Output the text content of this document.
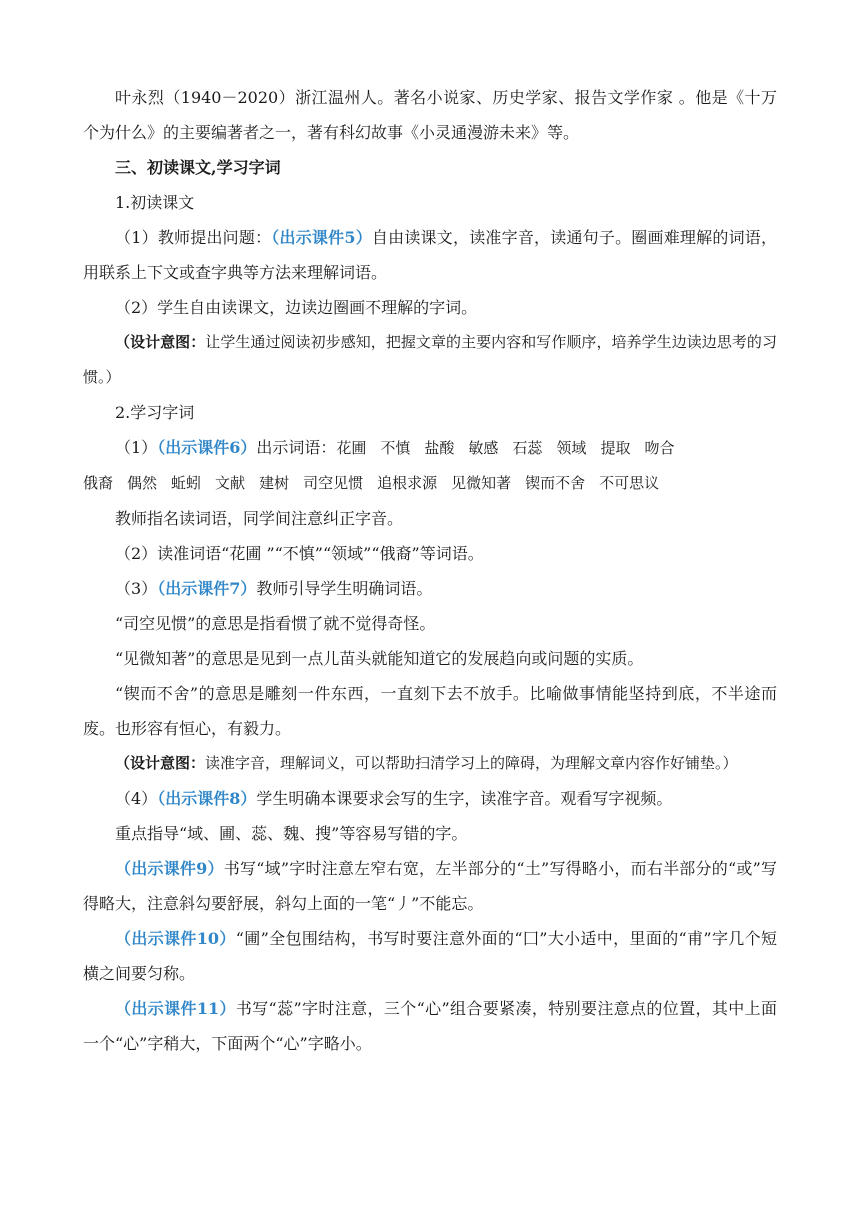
叶永烈（1940－2020）浙江温州人。著名小说家、历史学家、报告文学作家 。他是《十万个为什么》的主要编著者之一，著有科幻故事《小灵通漫游未来》等。

三、初读课文,学习字词

1.初读课文

（1）教师提出问题：（出示课件5）自由读课文，读准字音，读通句子。圈画难理解的词语，用联系上下文或查字典等方法来理解词语。

（2）学生自由读课文，边读边圈画不理解的字词。

（设计意图：让学生通过阅读初步感知，把握文章的主要内容和写作顺序，培养学生边读边思考的习惯。）

2.学习字词

（1）（出示课件6）出示词语：花圃 不慎 盐酸 敏感 石蕊 领域 提取 吻合

俄裔 偶然 蚯蚓 文献 建树 司空见惯 追根求源 见微知著 锲而不舍 不可思议

教师指名读词语，同学间注意纠正字音。

（2）读准词语“花圃 ”“不慎”“领域”“俄裔”等词语。

（3）（出示课件7）教师引导学生明确词语。

“司空见惯”的意思是指看惯了就不觉得奇怪。

“见微知著”的意思是见到一点儿苗头就能知道它的发展趋向或问题的实质。

“锲而不舍”的意思是雕刻一件东西，一直刻下去不放手。比喻做事情能坚持到底，不半途而废。也形容有恒心，有毅力。

（设计意图：读准字音，理解词义，可以帮助扫清学习上的障碍，为理解文章内容作好铺垫。）

（4）（出示课件8）学生明确本课要求会写的生字，读准字音。观看写字视频。

重点指导“域、圃、蕊、魏、搜”等容易写错的字。

（出示课件9）书写“域”字时注意左窄右宽，左半部分的“土”写得略小，而右半部分的“或”写得略大，注意斜勾要舒展，斜勾上面的一笔“丿”不能忘。

（出示课件10）“圃”全包围结构，书写时要注意外面的“囗”大小适中，里面的“甫”字几个短横之间要匀称。

（出示课件11）书写“蕊”字时注意，三个“心”组合要紧凑，特别要注意点的位置，其中上面一个“心”字稍大，下面两个“心”字略小。
